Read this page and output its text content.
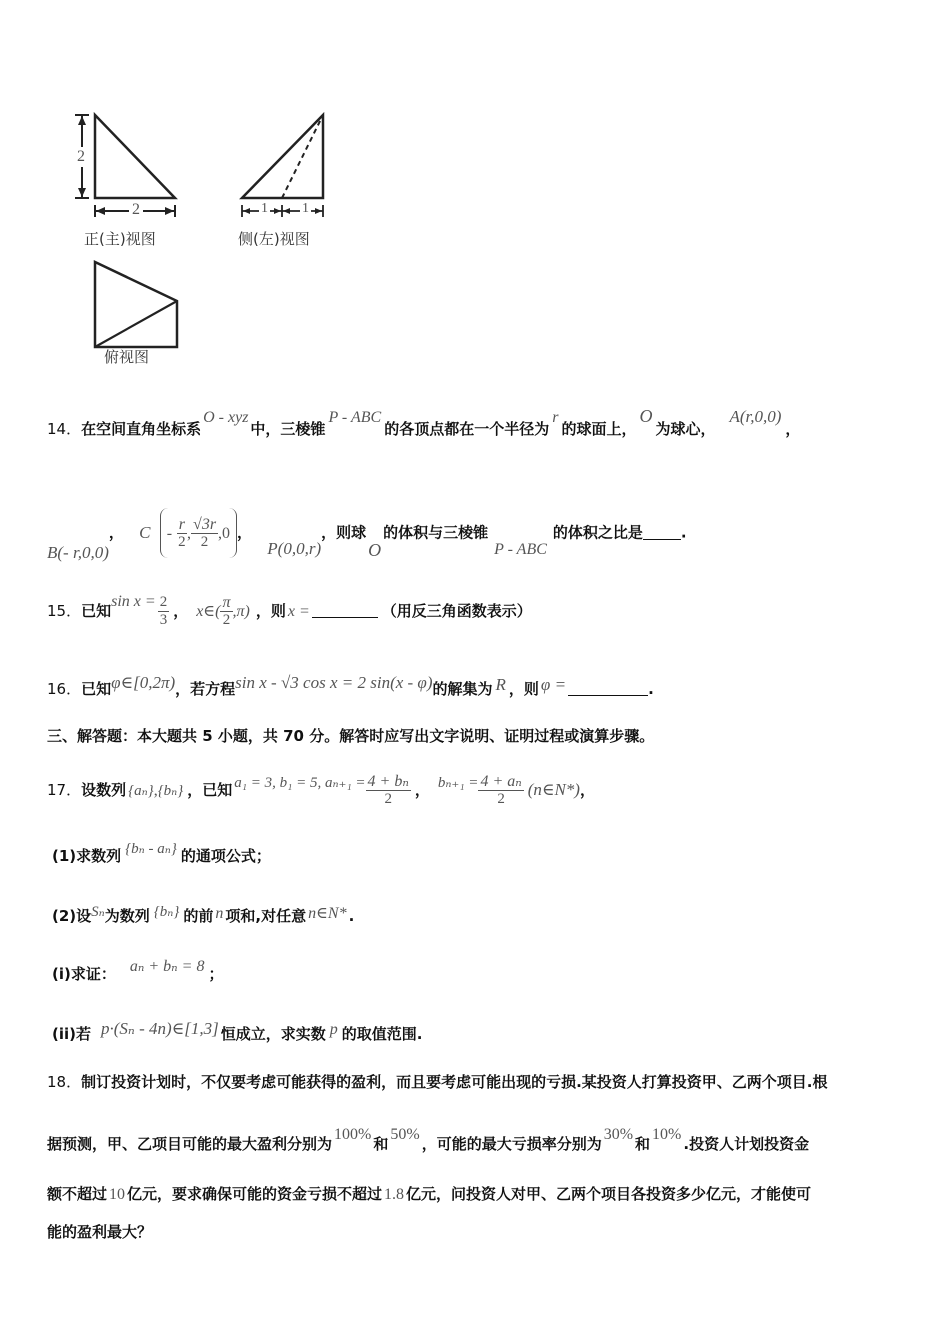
2
2	1 1
正(主)视图	侧(左)视图
俯视图
14．在空间直角坐标系O - xyz中，三棱锥P - ABC的各顶点都在一个半径为r的球面上，O为球心，A(r,0,0)，
B(- r,0,0)， C - $\frac{r}{2}$ , $\frac{√3r}{2} ,0$ ， P(0,0,r)，则球O的体积与三棱锥P - ABC的体积之比是	.
15．已知$\sin x = \frac{2}{3}$ ， x∈( $\frac{\pi}{2} ,\pi$) ，则 x =	（用反三角函数表示）
16．已知φ∈[0,2π)，若方程sin x - √3 cos x = 2 sin(x - φ)的解集为 R ，则 φ =	.
三、解答题：本大题共 5 小题，共 70 分。解答时应写出文字说明、证明过程或演算步骤。
17．设数列 {aₙ},{bₙ} ，已知 a₁ = 3, b₁ = 5, $a_{n+1} = \frac{\text{4 + bₙ}}{2}$ ， $b_{n+1} = \frac{\text{4 + aₙ}}{2}$ (n∈N*)，
(1)求数列 {bₙ - aₙ} 的通项公式；
(2)设Sₙ为数列 {bₙ} 的前 n 项和,对任意 n∈N* .
(i)求证： aₙ + bₙ = 8 ；
(ii)若 p·(Sₙ - 4n)∈[1,3] 恒成立，求实数 p 的取值范围.
18．制订投资计划时，不仅要考虑可能获得的盈利，而且要考虑可能出现的亏损.某投资人打算投资甲、乙两个项目.根
据预测，甲、乙项目可能的最大盈利分别为100%和50%，可能的最大亏损率分别为30%和10%.投资人计划投资金
额不超过 10 亿元，要求确保可能的资金亏损不超过 1.8 亿元，问投资人对甲、乙两个项目各投资多少亿元，才能使可
能的盈利最大？
